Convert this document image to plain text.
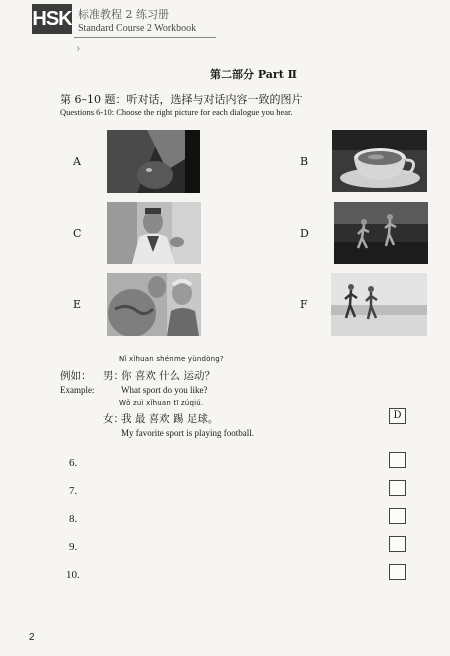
HSK 标准教程 2 练习册
Standard Course 2 Workbook
›
第二部分 Part Ⅱ
第 6–10 题：听对话，选择与对话内容一致的图片
Questions 6-10: Choose the right picture for each dialogue you hear.
A	B
C	D
E	F
Nǐ xǐhuan shénme yùndòng?
例如： 男：
你 喜欢 什么 运动？
Example:	What sport do you like?
Wǒ zuì xǐhuan tī zúqiú.
女：
我 最 喜欢 踢 足球。
My favorite sport is playing football.
D
6.
7.
8.
9.
10.
2
